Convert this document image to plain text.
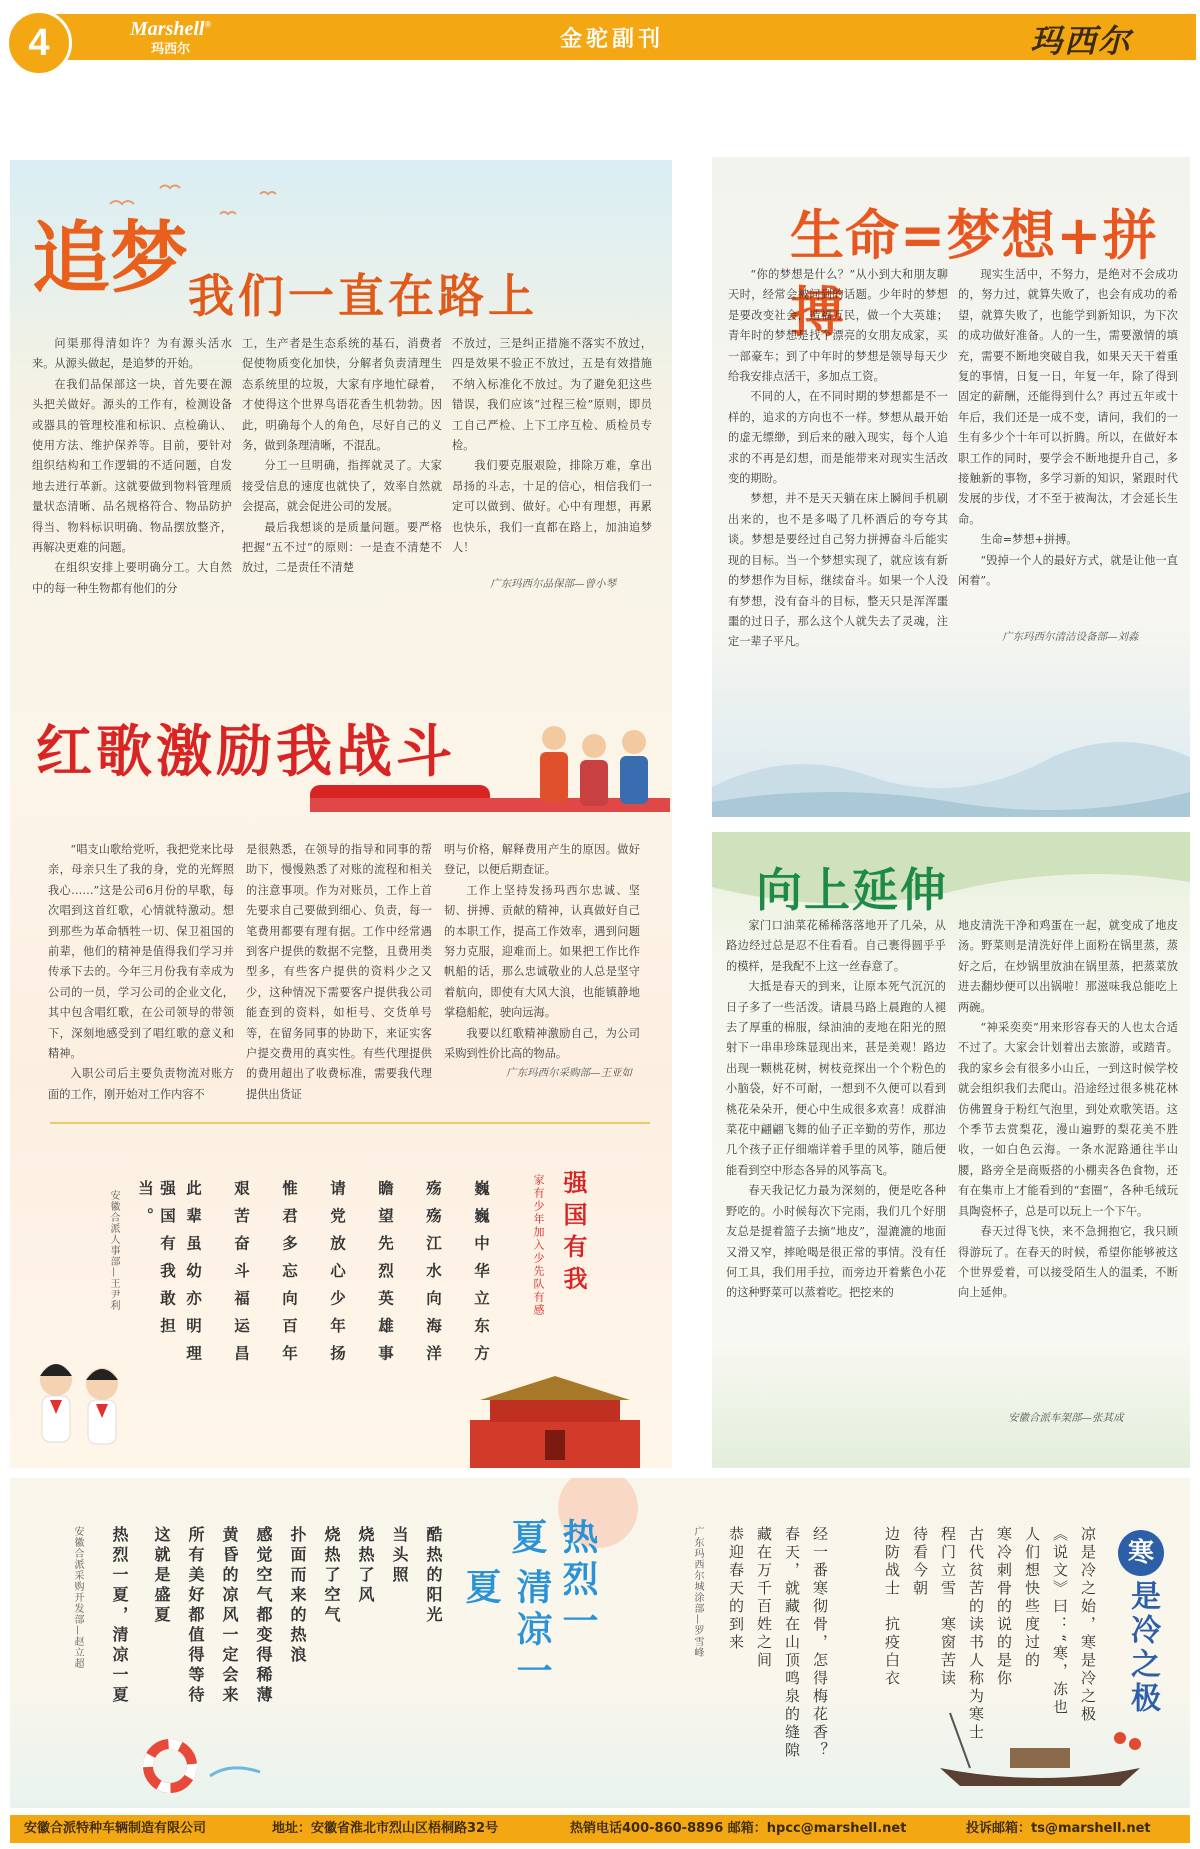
4	Marshell®
玛西尔	金驼副刊	玛西尔
追梦 我们一直在路上

问渠那得清如许？为有源头活水来。从源头做起，是追梦的开始。

在我们品保部这一块，首先要在源头把关做好。源头的工作有，检测设备或器具的管理校准和标识、点检确认、使用方法、维护保养等。目前，要针对组织结构和工作逻辑的不适问题，自发地去进行革新。这就要做到物料管理质量状态清晰、品名规格符合、物品防护得当、物料标识明确、物品摆放整齐，再解决更难的问题。

在组织安排上要明确分工。大自然中的每一种生物都有他们的分

工，生产者是生态系统的基石，消费者促使物质变化加快，分解者负责清理生态系统里的垃圾，大家有序地忙碌着，才使得这个世界鸟语花香生机勃勃。因此，明确每个人的角色，尽好自己的义务，做到条理清晰，不混乱。

分工一旦明确，指挥就灵了。大家接受信息的速度也就快了，效率自然就会提高，就会促进公司的发展。

最后我想谈的是质量问题。要严格把握“五不过”的原则：一是查不清楚不放过，二是责任不清楚

不放过，三是纠正措施不落实不放过，四是效果不验正不放过，五是有效措施不纳入标准化不放过。为了避免犯这些错误，我们应该“过程三检”原则，即员工自己严检、上下工序互检、质检员专检。

我们要克服艰险，排除万难，拿出昂扬的斗志，十足的信心，相信我们一定可以做到、做好。心中有理想，再累也快乐，我们一直都在路上，加油追梦人！

广东玛西尔品保部—曾小琴
红歌激励我战斗

“唱支山歌给党听，我把党来比母亲，母亲只生了我的身，党的光辉照我心……”这是公司6月份的早歌，每次唱到这首红歌，心情就特激动。想到那些为革命牺牲一切、保卫祖国的前辈，他们的精神是值得我们学习并传承下去的。今年三月份我有幸成为公司的一员，学习公司的企业文化，其中包含唱红歌，在公司领导的带领下，深刻地感受到了唱红歌的意义和精神。

入职公司后主要负责物流对账方面的工作，刚开始对工作内容不

是很熟悉，在领导的指导和同事的帮助下，慢慢熟悉了对账的流程和相关的注意事项。作为对账员，工作上首先要求自己要做到细心、负责，每一笔费用都要有理有据。工作中经常遇到客户提供的数据不完整，且费用类型多，有些客户提供的资料少之又少，这种情况下需要客户提供我公司能查到的资料，如柜号、交货单号等，在留务同事的协助下，来证实客户提交费用的真实性。有些代理提供的费用超出了收费标准，需要我代理提供出货证

明与价格，解释费用产生的原因。做好登记，以便后期查证。

工作上坚持发扬玛西尔忠诚、坚韧、拼搏、贡献的精神，认真做好自己的本职工作，提高工作效率，遇到问题努力克服，迎难而上。如果把工作比作帆船的话，那么忠诚敬业的人总是坚守着航向，即使有大风大浪，也能镇静地掌稳船舵，驶向远海。

我要以红歌精神激励自己，为公司采购到性价比高的物品。

广东玛西尔采购部—王亚如
强国有我
家有少年加入少先队有感
巍巍中华立东方
殇殇江水向海洋
瞻望先烈英雄事
请党放心少年扬
惟君多忘向百年
艰苦奋斗福运昌
此辈虽幼亦明理
强国有我敢担当。
安徽合派人事部—王尹利
生命=梦想+拼搏

“你的梦想是什么？”从小到大和朋友聊天时，经常会被问到的话题。少年时的梦想是要改变社会，造福万民，做一个大英雄；青年时的梦想是找个漂亮的女朋友成家，买一部豪车；到了中年时的梦想是领导每天少给我安排点活干，多加点工资。

不同的人，在不同时期的梦想都是不一样的，追求的方向也不一样。梦想从最开始的虚无缥缈，到后来的融入现实，每个人追求的不再是幻想，而是能带来对现实生活改变的期盼。

梦想，并不是天天躺在床上瞬间手机刷出来的，也不是多喝了几杯酒后的夸夸其谈。梦想是要经过自己努力拼搏奋斗后能实现的目标。当一个梦想实现了，就应该有新的梦想作为目标，继续奋斗。如果一个人没有梦想，没有奋斗的目标，整天只是浑浑噩噩的过日子，那么这个人就失去了灵魂，注定一辈子平凡。

现实生活中，不努力，是绝对不会成功的，努力过，就算失败了，也会有成功的希望，就算失败了，也能学到新知识，为下次的成功做好准备。人的一生，需要激情的填充，需要不断地突破自我，如果天天干着重复的事情，日复一日，年复一年，除了得到固定的薪酬，还能得到什么？再过五年或十年后，我们还是一成不变，请问，我们的一生有多少个十年可以折腾。所以，在做好本职工作的同时，要学会不断地提升自己，多接触新的事物，多学习新的知识，紧跟时代发展的步伐，才不至于被淘汰，才会延长生命。

生命=梦想+拼搏。

“毁掉一个人的最好方式，就是让他一直闲着”。

广东玛西尔清洁设备部—刘淼
向上延伸

家门口油菜花稀稀落落地开了几朵，从路边经过总是忍不住看看。自己裹得圆乎乎的模样，是我配不上这一丝春意了。

大抵是春天的到来，让原本死气沉沉的日子多了一些活泼。请晨马路上晨跑的人褪去了厚重的棉服，绿油油的麦地在阳光的照射下一串串珍珠显现出来，甚是美观！路边出现一颗桃花树，树枝竞探出一个个粉色的小脑袋，好不可耐，一想到不久便可以看到桃花朵朵开，便心中生成很多欢喜！成群油菜花中翩翩飞舞的仙子正辛勤的劳作，那边几个孩子正仔细端详着手里的风筝，随后便能看到空中形态各异的风筝高飞。

春天我记忆力最为深刻的，便是吃各种野吃的。小时候每次下完雨，我们几个好朋友总是提着篮子去摘“地皮”，湿漉漉的地面又滑又窄，摔呛喝是很正常的事情。没有任何工具，我们用手拉，而旁边开着紫色小花的这种野菜可以蒸着吃。把挖来的

地皮清洗干净和鸡蛋在一起，就变成了地皮汤。野菜则是清洗好伴上面粉在锅里蒸，蒸好之后，在炒锅里放油在锅里蒸，把蒸菜放进去翻炒便可以出锅啦！那滋味我总能吃上两碗。

“神采奕奕”用来形容春天的人也太合适不过了。大家会计划着出去旅游，或踏青。我的家乡会有很多小山丘，一到这时候学校就会组织我们去爬山。沿途经过很多桃花林仿佛置身于粉红气泡里，到处欢歌笑语。这个季节去赏梨花，漫山遍野的梨花美不胜收，一如白色云海。一条水泥路通往半山腰，路旁全是商贩搭的小棚卖各色食物，还有在集市上才能看到的“套圈”，各种毛绒玩具陶瓷杯子，总是可以玩上一个下午。

春天过得飞快，来不急拥抱它，我只顾得游玩了。在春天的时候，希望你能够被这个世界爱着，可以接受陌生人的温柔，不断向上延伸。

安徽合派车架部—张其成
热烈一夏
清凉一夏
酷热的阳光
当头照
烧热了风
烧热了空气
扑面而来的热浪
感觉空气都变得稀薄
黄昏的凉风一定会来
所有美好都值得等待
这就是盛夏
热烈一夏，清凉一夏
安徽合派采购开发部—赵立超	寒
是冷之极
凉是冷之始，寒是冷之极
《说文》曰：“寒，冻也
人们想快些度过的
寒冷刺骨的说的是你
古代贫苦的读书人称为寒士
程门立雪　寒窗苦读
待看今朝
边防战士　抗疫白衣
经一番寒彻骨，怎得梅花香？
春天，就藏在山顶鸣泉的缝隙
藏在万千百姓之间
恭迎春天的到来
广东玛西尔城涂部—罗雪峰
安徽合派特种车辆制造有限公司	地址：安徽省淮北市烈山区梧桐路32号	热销电话400-860-8896 邮箱：hpcc@marshell.net	投诉邮箱：ts@marshell.net
